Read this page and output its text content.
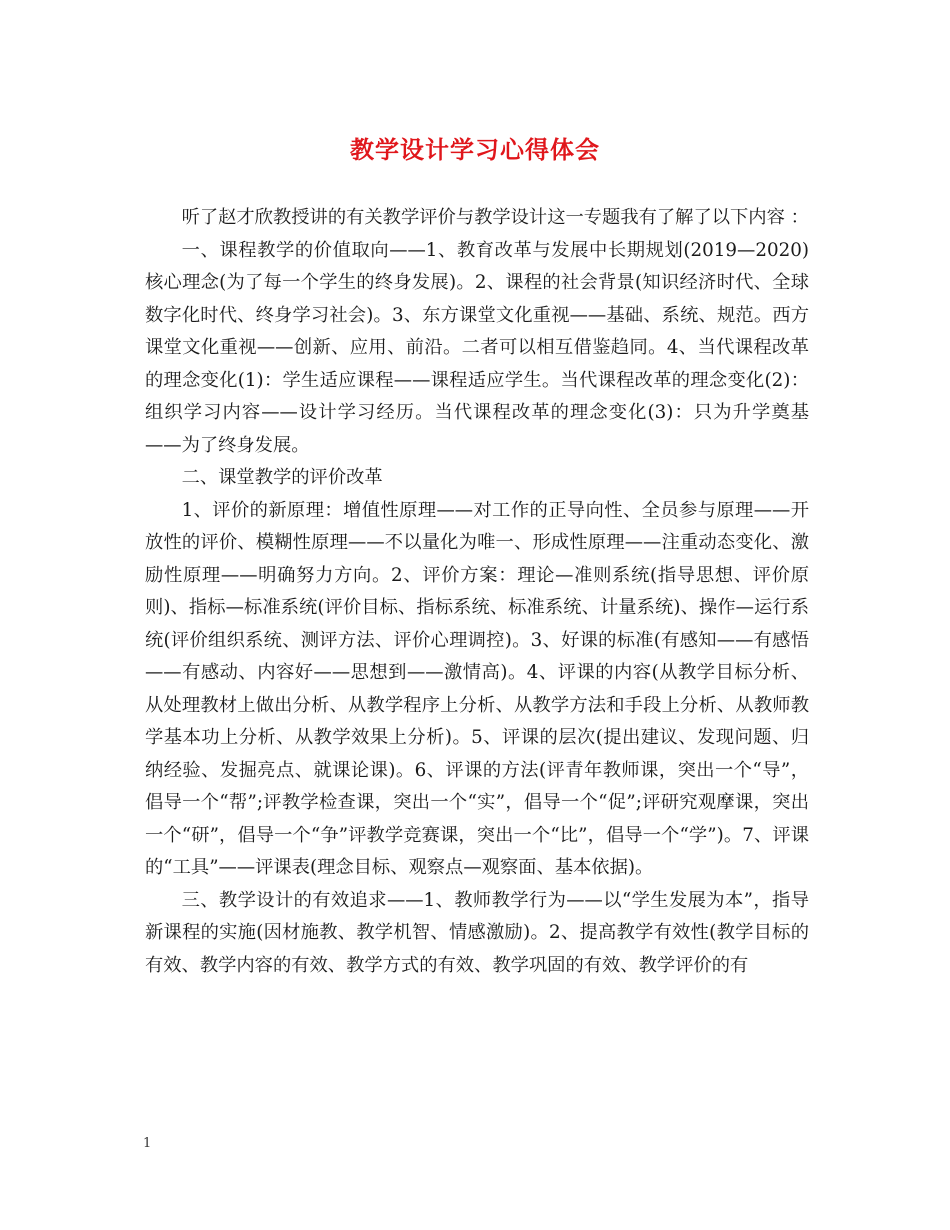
教学设计学习心得体会

听了赵才欣教授讲的有关教学评价与教学设计这一专题我有了解了以下内容 ：

一、课程教学的价值取向——1、教育改革与发展中长期规划(2019—2020)核心理念(为了每一个学生的终身发展)。2、课程的社会背景(知识经济时代、全球数字化时代、终身学习社会)。3、东方课堂文化重视——基础、系统、规范。西方课堂文化重视——创新、应用、前沿。二者可以相互借鉴趋同。4、当代课程改革的理念变化(1)：学生适应课程——课程适应学生。当代课程改革的理念变化(2)：组织学习内容——设计学习经历。当代课程改革的理念变化(3)：只为升学奠基——为了终身发展。

二、课堂教学的评价改革

1、评价的新原理：增值性原理——对工作的正导向性、全员参与原理——开放性的评价、模糊性原理——不以量化为唯一、形成性原理——注重动态变化、激励性原理——明确努力方向。2、评价方案：理论—准则系统(指导思想、评价原则)、指标—标准系统(评价目标、指标系统、标准系统、计量系统)、操作—运行系统(评价组织系统、测评方法、评价心理调控)。3、好课的标准(有感知——有感悟——有感动、内容好——思想到——激情高)。4、评课的内容(从教学目标分析、从处理教材上做出分析、从教学程序上分析、从教学方法和手段上分析、从教师教学基本功上分析、从教学效果上分析)。5、评课的层次(提出建议、发现问题、归纳经验、发掘亮点、就课论课)。6、评课的方法(评青年教师课，突出一个“导”，倡导一个“帮”;评教学检查课，突出一个“实”，倡导一个“促”;评研究观摩课，突出一个“研”，倡导一个“争”评教学竞赛课，突出一个“比”，倡导一个“学”)。7、评课的“工具”——评课表(理念目标、观察点—观察面、基本依据)。

三、教学设计的有效追求——1、教师教学行为——以“学生发展为本”，指导新课程的实施(因材施教、教学机智、情感激励)。2、提高教学有效性(教学目标的有效、教学内容的有效、教学方式的有效、教学巩固的有效、教学评价的有

1
